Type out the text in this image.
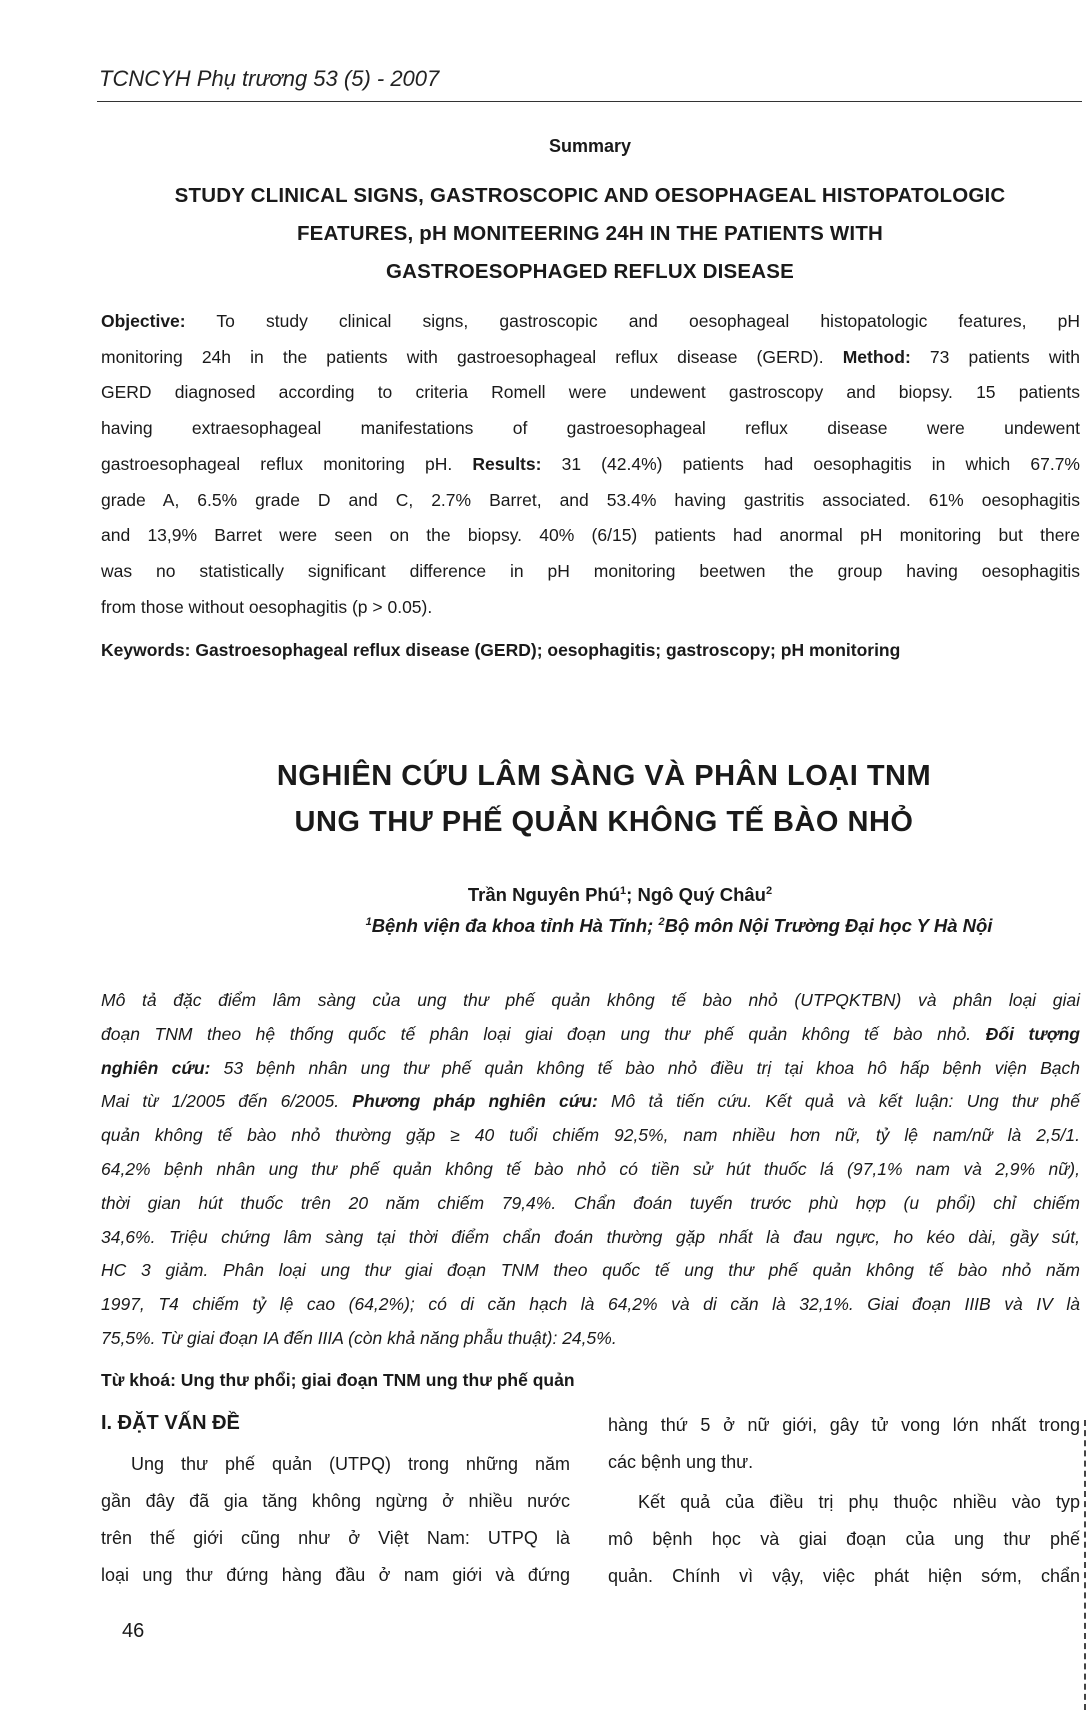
TCNCYH Phụ trương 53 (5) - 2007
Summary
STUDY CLINICAL SIGNS, GASTROSCOPIC AND OESOPHAGEAL HISTOPATOLOGIC
FEATURES, pH MONITEERING 24H IN THE PATIENTS WITH
GASTROESOPHAGED REFLUX DISEASE
Objective: To study clinical signs, gastroscopic and oesophageal histopatologic features, pH
monitoring 24h in the patients with gastroesophageal reflux disease (GERD). Method: 73 patients with
GERD diagnosed according to criteria Romell were undewent gastroscopy and biopsy. 15 patients
having extraesophageal manifestations of gastroesophageal reflux disease were undewent
gastroesophageal reflux monitoring pH. Results: 31 (42.4%) patients had oesophagitis in which 67.7%
grade A, 6.5% grade D and C, 2.7% Barret, and 53.4% having gastritis associated. 61% oesophagitis
and 13,9% Barret were seen on the biopsy. 40% (6/15) patients had anormal pH monitoring but there
was no statistically significant difference in pH monitoring beetwen the group having oesophagitis
from those without oesophagitis (p > 0.05).
Keywords: Gastroesophageal reflux disease (GERD); oesophagitis; gastroscopy; pH monitoring
NGHIÊN CỨU LÂM SÀNG VÀ PHÂN LOẠI TNM
UNG THƯ PHẾ QUẢN KHÔNG TẾ BÀO NHỎ
Trần Nguyên Phú$^1$; Ngô Quý Châu$^2$
$^1$Bệnh viện đa khoa tỉnh Hà Tĩnh; $^2$Bộ môn Nội Trường Đại học Y Hà Nội
Mô tả đặc điểm lâm sàng của ung thư phế quản không tế bào nhỏ (UTPQKTBN) và phân loại giai
đoạn TNM theo hệ thống quốc tế phân loại giai đoạn ung thư phế quản không tế bào nhỏ. Đối tượng
nghiên cứu: 53 bệnh nhân ung thư phế quản không tế bào nhỏ điều trị tại khoa hô hấp bệnh viện Bạch
Mai từ 1/2005 đến 6/2005. Phương pháp nghiên cứu: Mô tả tiến cứu. Kết quả và kết luận: Ung thư phế
quản không tế bào nhỏ thường gặp ≥ 40 tuổi chiếm 92,5%, nam nhiều hơn nữ, tỷ lệ nam/nữ là 2,5/1.
64,2% bệnh nhân ung thư phế quản không tế bào nhỏ có tiền sử hút thuốc lá (97,1% nam và 2,9% nữ),
thời gian hút thuốc trên 20 năm chiếm 79,4%. Chẩn đoán tuyến trước phù hợp (u phổi) chỉ chiếm
34,6%. Triệu chứng lâm sàng tại thời điểm chẩn đoán thường gặp nhất là đau ngực, ho kéo dài, gầy sút,
HC 3 giảm. Phân loại ung thư giai đoạn TNM theo quốc tế ung thư phế quản không tế bào nhỏ năm
1997, T4 chiếm tỷ lệ cao (64,2%); có di căn hạch là 64,2% và di căn là 32,1%. Giai đoạn IIIB và IV là
75,5%. Từ giai đoạn IA đến IIIA (còn khả năng phẫu thuật): 24,5%.
Từ khoá: Ung thư phổi; giai đoạn TNM ung thư phế quản
I. ĐẶT VẤN ĐỀ
Ung thư phế quản (UTPQ) trong những năm
gần đây đã gia tăng không ngừng ở nhiều nước
trên thế giới cũng như ở Việt Nam: UTPQ là
loại ung thư đứng hàng đầu ở nam giới và đứng
hàng thứ 5 ở nữ giới, gây tử vong lớn nhất trong
các bệnh ung thư.
Kết quả của điều trị phụ thuộc nhiều vào typ
mô bệnh học và giai đoạn của ung thư phế
quản. Chính vì vậy, việc phát hiện sớm, chẩn
46
